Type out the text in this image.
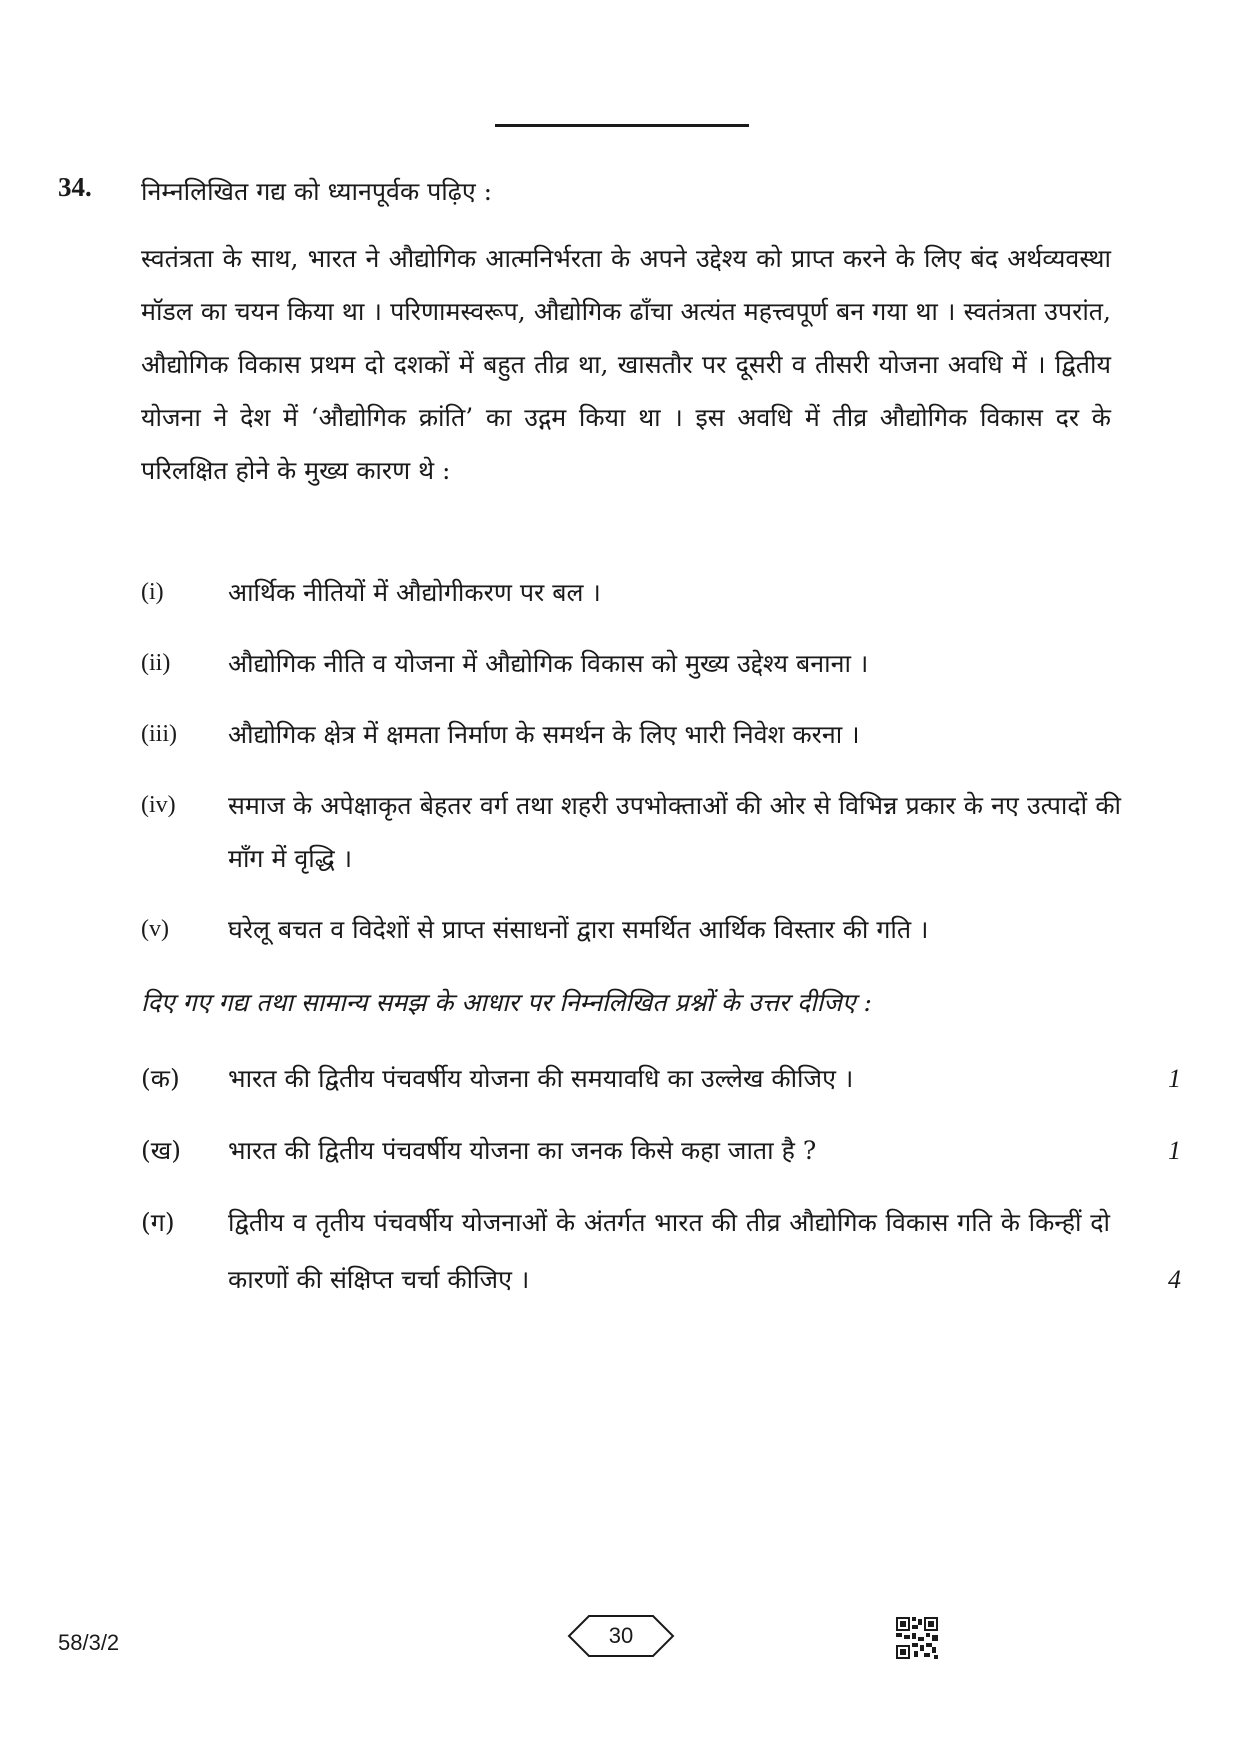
34. निम्नलिखित गद्य को ध्यानपूर्वक पढ़िए :
स्वतंत्रता के साथ, भारत ने औद्योगिक आत्मनिर्भरता के अपने उद्देश्य को प्राप्त करने के लिए बंद अर्थव्यवस्था मॉडल का चयन किया था । परिणामस्वरूप, औद्योगिक ढाँचा अत्यंत महत्त्वपूर्ण बन गया था । स्वतंत्रता उपरांत, औद्योगिक विकास प्रथम दो दशकों में बहुत तीव्र था, खासतौर पर दूसरी व तीसरी योजना अवधि में । द्वितीय योजना ने देश में ‘औद्योगिक क्रांति’ का उद्गम किया था । इस अवधि में तीव्र औद्योगिक विकास दर के परिलक्षित होने के मुख्य कारण थे :
(i)	आर्थिक नीतियों में औद्योगीकरण पर बल ।
(ii)	औद्योगिक नीति व योजना में औद्योगिक विकास को मुख्य उद्देश्य बनाना ।
(iii)	औद्योगिक क्षेत्र में क्षमता निर्माण के समर्थन के लिए भारी निवेश करना ।
(iv)	समाज के अपेक्षाकृत बेहतर वर्ग तथा शहरी उपभोक्ताओं की ओर से विभिन्न प्रकार के नए उत्पादों की माँग में वृद्धि ।
(v)	घरेलू बचत व विदेशों से प्राप्त संसाधनों द्वारा समर्थित आर्थिक विस्तार की गति ।
दिए गए गद्य तथा सामान्य समझ के आधार पर निम्नलिखित प्रश्नों के उत्तर दीजिए :
(क)	भारत की द्वितीय पंचवर्षीय योजना की समयावधि का उल्लेख कीजिए ।	1
(ख)	भारत की द्वितीय पंचवर्षीय योजना का जनक किसे कहा जाता है ?	1
(ग)	द्वितीय व तृतीय पंचवर्षीय योजनाओं के अंतर्गत भारत की तीव्र औद्योगिक विकास गति के किन्हीं दो कारणों की संक्षिप्त चर्चा कीजिए ।	4
58/3/2	30
